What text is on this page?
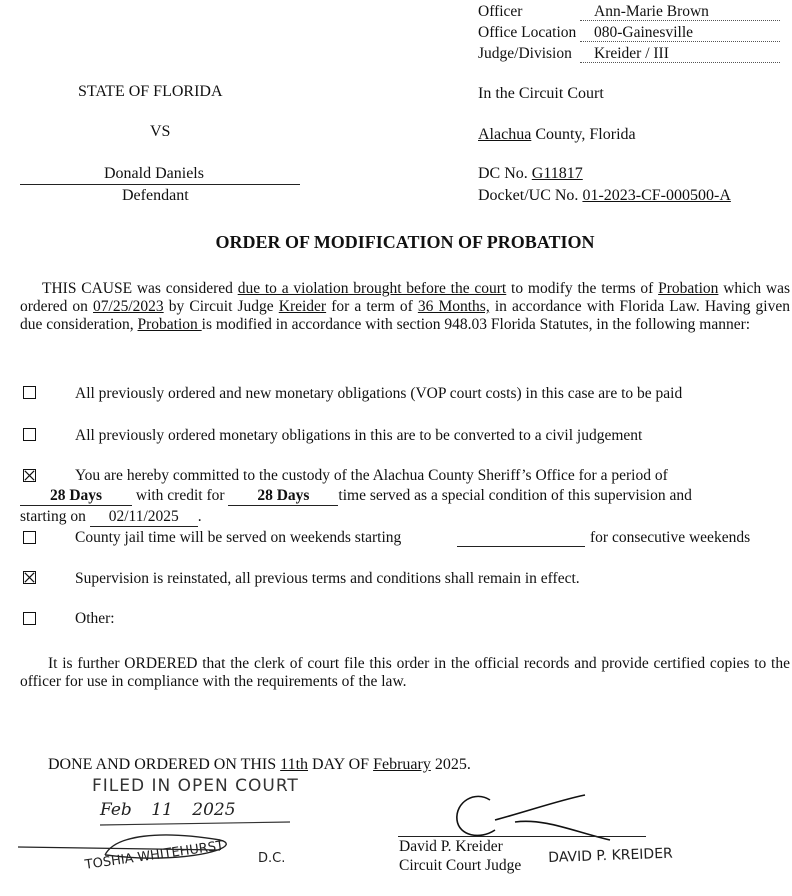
Officer	Ann-Marie Brown
Office Location 080-Gainesville
Judge/Division Kreider / III
STATE OF FLORIDA
VS
Donald Daniels
Defendant
In the Circuit Court
Alachua County, Florida
DC No. G11817
Docket/UC No. 01-2023-CF-000500-A
ORDER OF MODIFICATION OF PROBATION
THIS CAUSE was considered due to a violation brought before the court to modify the terms of Probation which was ordered on 07/25/2023 by Circuit Judge Kreider for a term of 36 Months, in accordance with Florida Law. Having given due consideration, Probation is modified in accordance with section 948.03 Florida Statutes, in the following manner:
All previously ordered and new monetary obligations (VOP court costs) in this case are to be paid
All previously ordered monetary obligations in this are to be converted to a civil judgement
You are hereby committed to the custody of the Alachua County Sheriff’s Office for a period of
28 Days with credit for 28 Days time served as a special condition of this supervision and
starting on 02/11/2025 .
County jail time will be served on weekends starting	for consecutive weekends
Supervision is reinstated, all previous terms and conditions shall remain in effect.
Other:
It is further ORDERED that the clerk of court file this order in the official records and provide certified copies to the officer for use in compliance with the requirements of the law.
DONE AND ORDERED ON THIS 11th DAY OF February 2025.
FILED IN OPEN COURT
Feb 11 2025
TOSHIA WHITEHURST	D.C.
David P. Kreider
Circuit Court Judge DAVID P. KREIDER
